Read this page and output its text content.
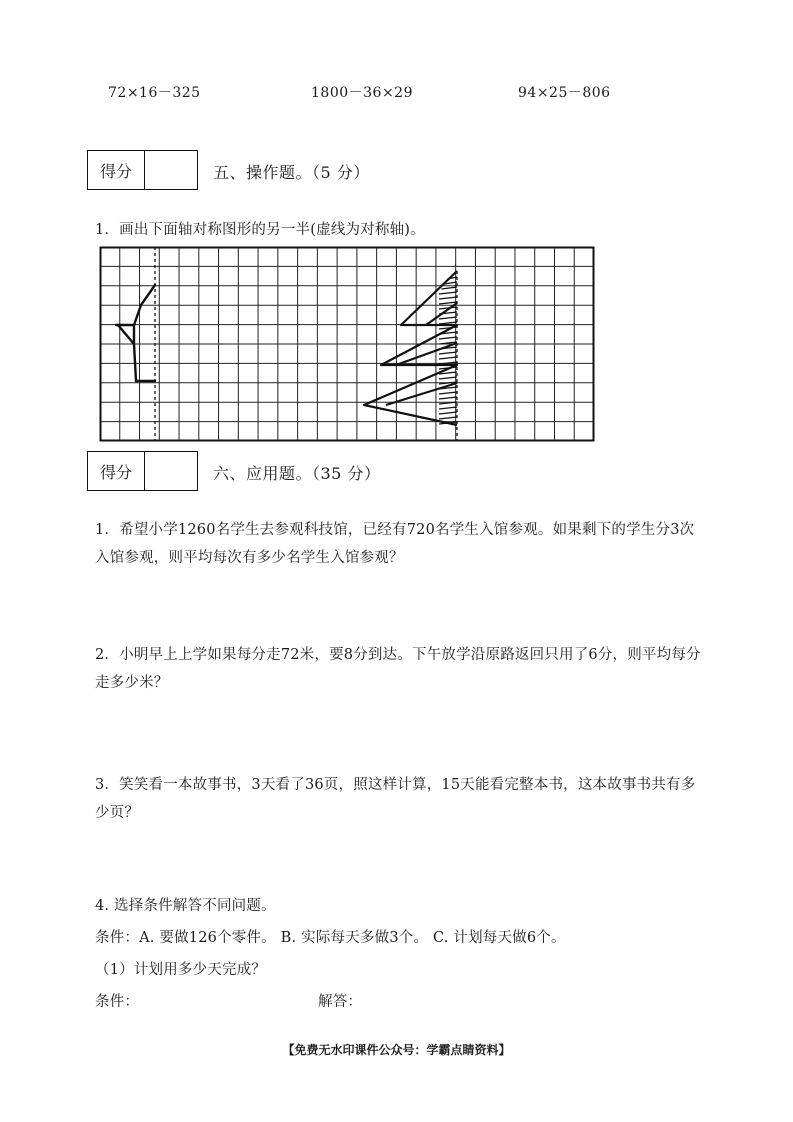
72×16－325	1800－36×29	94×25－806
得分	五、操作题。（5 分）
1．画出下面轴对称图形的另一半(虚线为对称轴)。
得分	六、应用题。（35 分）
1．希望小学1260名学生去参观科技馆，已经有720名学生入馆参观。如果剩下的学生分3次入馆参观，则平均每次有多少名学生入馆参观？
2．小明早上上学如果每分走72米，要8分到达。下午放学沿原路返回只用了6分，则平均每分走多少米？
3．笑笑看一本故事书，3天看了36页，照这样计算，15天能看完整本书，这本故事书共有多少页？
4. 选择条件解答不同问题。
条件：A. 要做126个零件。 B. 实际每天多做3个。 C. 计划每天做6个。
（1）计划用多少天完成？
条件：	解答：
【免费无水印课件公众号：学霸点睛资料】
